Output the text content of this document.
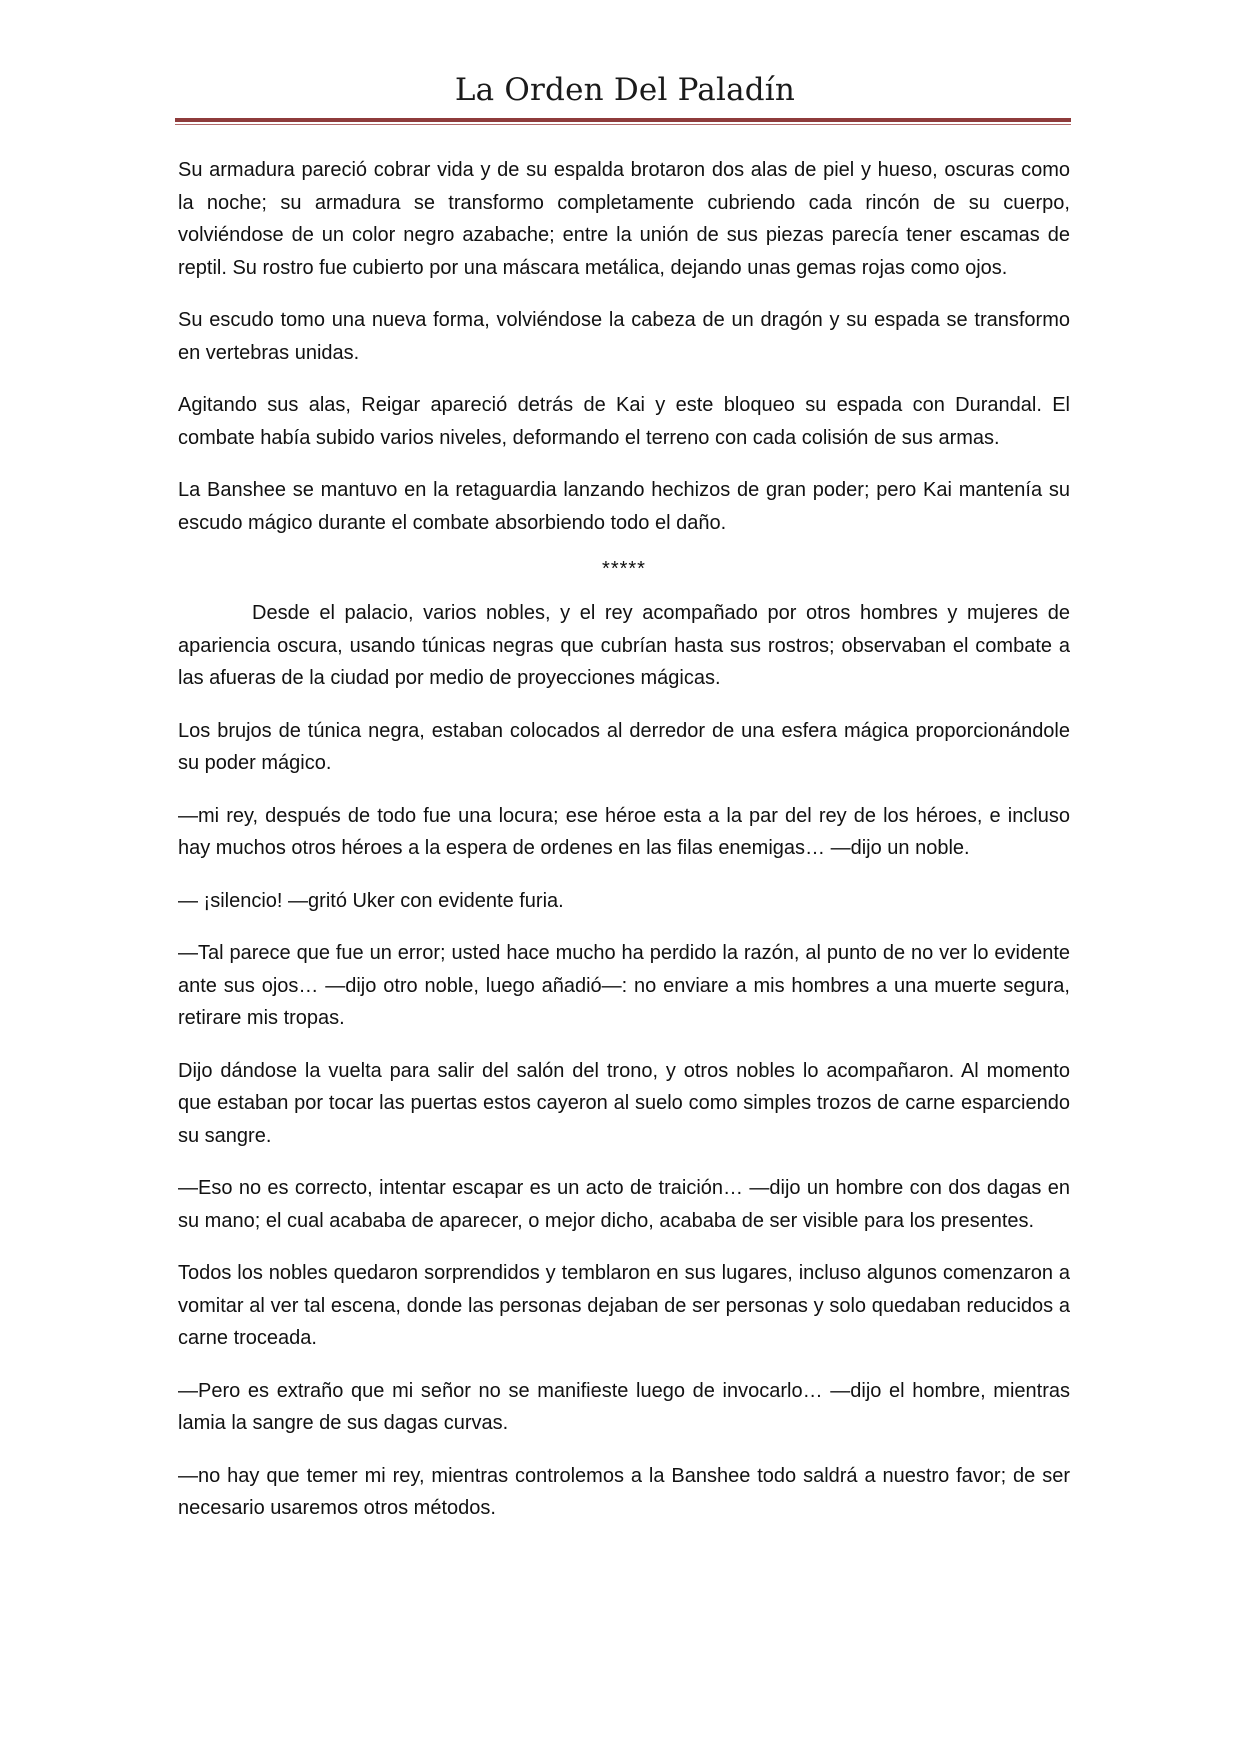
La Orden Del Paladín

Su armadura pareció cobrar vida y de su espalda brotaron dos alas de piel y hueso, oscuras como la noche; su armadura se transformo completamente cubriendo cada rincón de su cuerpo, volviéndose de un color negro azabache; entre la unión de sus piezas parecía tener escamas de reptil. Su rostro fue cubierto por una máscara metálica, dejando unas gemas rojas como ojos.

Su escudo tomo una nueva forma, volviéndose la cabeza de un dragón y su espada se transformo en vertebras unidas.

Agitando sus alas, Reigar apareció detrás de Kai y este bloqueo su espada con Durandal. El combate había subido varios niveles, deformando el terreno con cada colisión de sus armas.

La Banshee se mantuvo en la retaguardia lanzando hechizos de gran poder; pero Kai mantenía su escudo mágico durante el combate absorbiendo todo el daño.

*****

Desde el palacio, varios nobles, y el rey acompañado por otros hombres y mujeres de apariencia oscura, usando túnicas negras que cubrían hasta sus rostros; observaban el combate a las afueras de la ciudad por medio de proyecciones mágicas.

Los brujos de túnica negra, estaban colocados al derredor de una esfera mágica proporcionándole su poder mágico.

—mi rey, después de todo fue una locura; ese héroe esta a la par del rey de los héroes, e incluso hay muchos otros héroes a la espera de ordenes en las filas enemigas… —dijo un noble.

— ¡silencio! —gritó Uker con evidente furia.

—Tal parece que fue un error; usted hace mucho ha perdido la razón, al punto de no ver lo evidente ante sus ojos… —dijo otro noble, luego añadió—: no enviare a mis hombres a una muerte segura, retirare mis tropas.

Dijo dándose la vuelta para salir del salón del trono, y otros nobles lo acompañaron. Al momento que estaban por tocar las puertas estos cayeron al suelo como simples trozos de carne esparciendo su sangre.

—Eso no es correcto, intentar escapar es un acto de traición… —dijo un hombre con dos dagas en su mano; el cual acababa de aparecer, o mejor dicho, acababa de ser visible para los presentes.

Todos los nobles quedaron sorprendidos y temblaron en sus lugares, incluso algunos comenzaron a vomitar al ver tal escena, donde las personas dejaban de ser personas y solo quedaban reducidos a carne troceada.

—Pero es extraño que mi señor no se manifieste luego de invocarlo… —dijo el hombre, mientras lamia la sangre de sus dagas curvas.

—no hay que temer mi rey, mientras controlemos a la Banshee todo saldrá a nuestro favor; de ser necesario usaremos otros métodos.
